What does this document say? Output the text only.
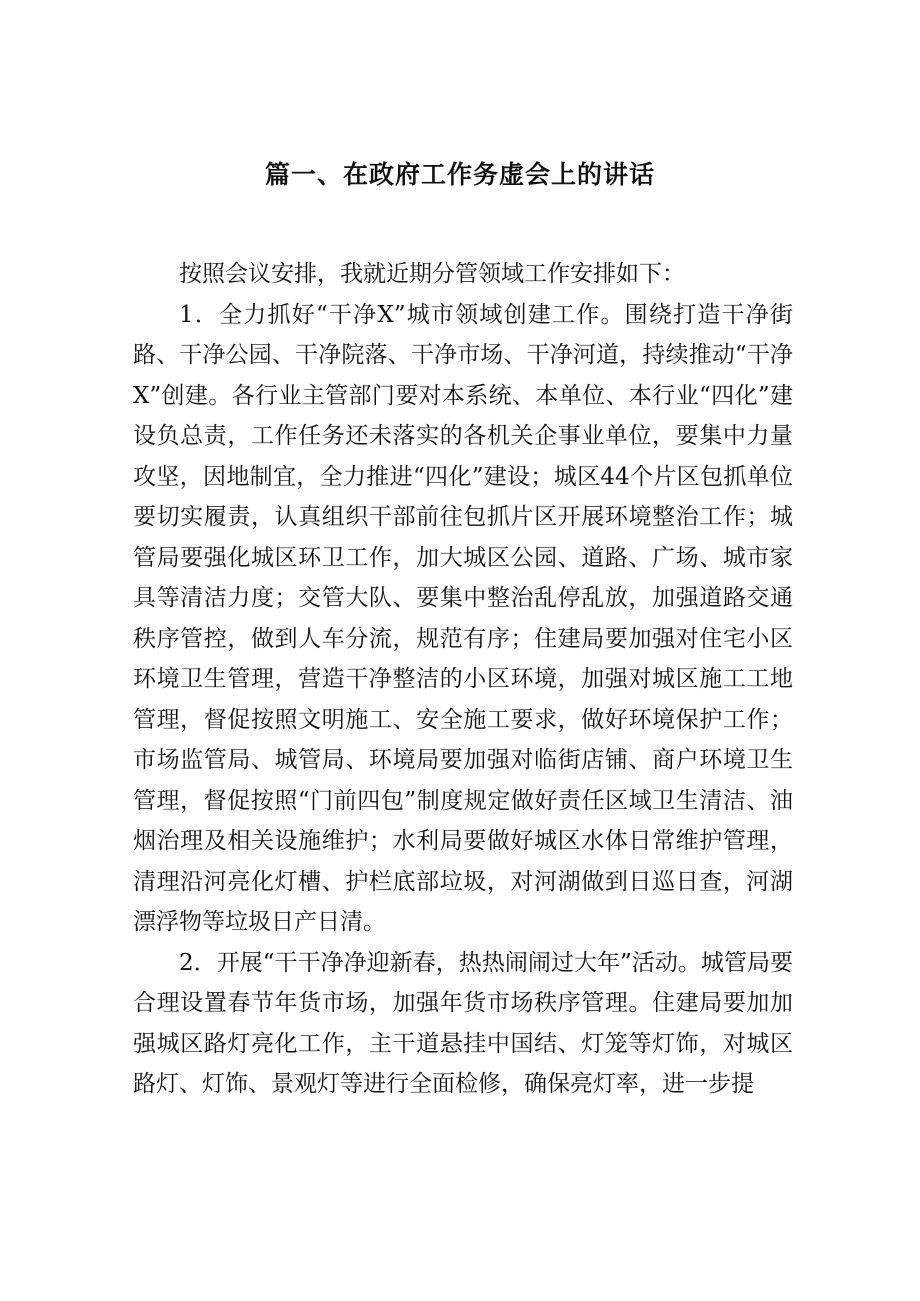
篇一、在政府工作务虚会上的讲话

按照会议安排，我就近期分管领域工作安排如下：

1．全力抓好“干净X”城市领域创建工作。围绕打造干净街路、干净公园、干净院落、干净市场、干净河道，持续推动“干净X”创建。各行业主管部门要对本系统、本单位、本行业“四化”建设负总责，工作任务还未落实的各机关企事业单位，要集中力量攻坚，因地制宜，全力推进“四化”建设；城区44个片区包抓单位要切实履责，认真组织干部前往包抓片区开展环境整治工作；城管局要强化城区环卫工作，加大城区公园、道路、广场、城市家具等清洁力度；交管大队、要集中整治乱停乱放，加强道路交通秩序管控，做到人车分流，规范有序；住建局要加强对住宅小区环境卫生管理，营造干净整洁的小区环境，加强对城区施工工地管理，督促按照文明施工、安全施工要求，做好环境保护工作；市场监管局、城管局、环境局要加强对临街店铺、商户环境卫生管理，督促按照“门前四包”制度规定做好责任区域卫生清洁、油烟治理及相关设施维护；水利局要做好城区水体日常维护管理，清理沿河亮化灯槽、护栏底部垃圾，对河湖做到日巡日查，河湖漂浮物等垃圾日产日清。

2．开展“干干净净迎新春，热热闹闹过大年”活动。城管局要合理设置春节年货市场，加强年货市场秩序管理。住建局要加加强城区路灯亮化工作，主干道悬挂中国结、灯笼等灯饰，对城区路灯、灯饰、景观灯等进行全面检修，确保亮灯率，进一步提
